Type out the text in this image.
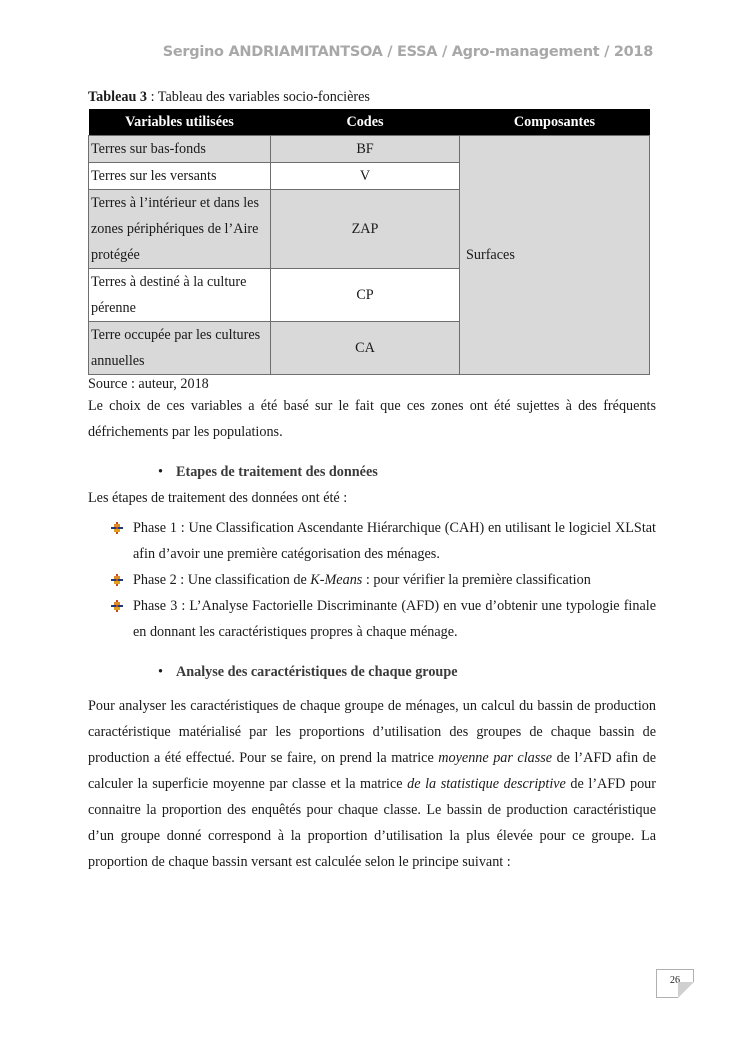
Sergino ANDRIAMITANTSOA / ESSA / Agro-management / 2018

Tableau 3 : Tableau des variables socio-foncières

Variables utilisées	Codes	Composantes
Terres sur bas-fonds	BF	Surfaces
Terres sur les versants	V	
Terres à l’intérieur et dans les zones périphériques de l’Aire protégée	ZAP	
Terres à destiné à la culture pérenne	CP	
Terre occupée par les cultures annuelles	CA	
Source : auteur, 2018

Le choix de ces variables a été basé sur le fait que ces zones ont été sujettes à des fréquents défrichements par les populations.

• Etapes de traitement des données

Les étapes de traitement des données ont été :

Phase 1 : Une Classification Ascendante Hiérarchique (CAH) en utilisant le logiciel XLStat afin d’avoir une première catégorisation des ménages.
Phase 2 : Une classification de K-Means : pour vérifier la première classification
Phase 3 : L’Analyse Factorielle Discriminante (AFD) en vue d’obtenir une typologie finale en donnant les caractéristiques propres à chaque ménage.
• Analyse des caractéristiques de chaque groupe

Pour analyser les caractéristiques de chaque groupe de ménages, un calcul du bassin de production caractéristique matérialisé par les proportions d’utilisation des groupes de chaque bassin de production a été effectué. Pour se faire, on prend la matrice moyenne par classe de l’AFD afin de calculer la superficie moyenne par classe et la matrice de la statistique descriptive de l’AFD pour connaitre la proportion des enquêtés pour chaque classe. Le bassin de production caractéristique d’un groupe donné correspond à la proportion d’utilisation la plus élevée pour ce groupe. La proportion de chaque bassin versant est calculée selon le principe suivant :

26
